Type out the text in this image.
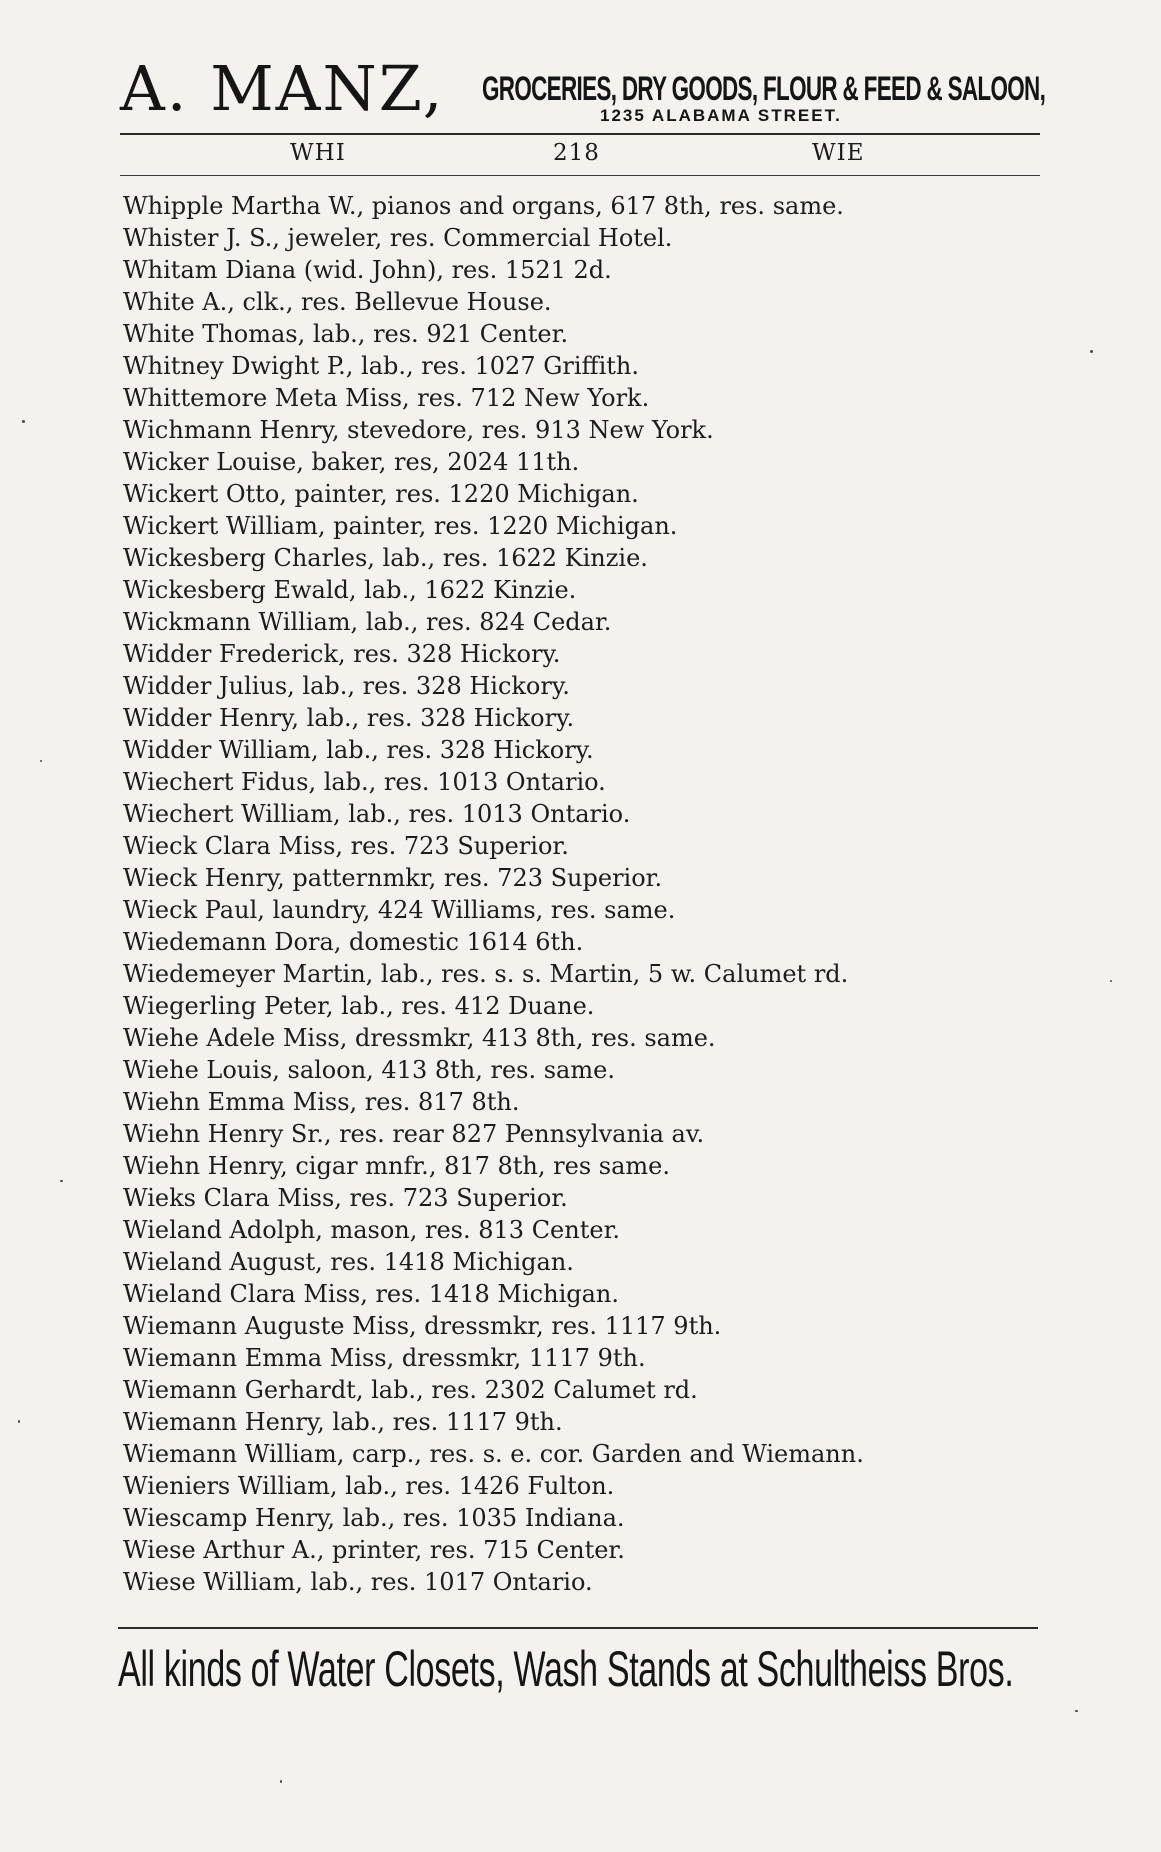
A. MANZ, GROCERIES, DRY GOODS, FLOUR & FEED & SALOON,
1235 ALABAMA STREET.
WHI	218	WIE
Whipple Martha W., pianos and organs, 617 8th, res. same.
Whister J. S., jeweler, res. Commercial Hotel.
Whitam Diana (wid. John), res. 1521 2d.
White A., clk., res. Bellevue House.
White Thomas, lab., res. 921 Center.
Whitney Dwight P., lab., res. 1027 Griffith.
Whittemore Meta Miss, res. 712 New York.
Wichmann Henry, stevedore, res. 913 New York.
Wicker Louise, baker, res, 2024 11th.
Wickert Otto, painter, res. 1220 Michigan.
Wickert William, painter, res. 1220 Michigan.
Wickesberg Charles, lab., res. 1622 Kinzie.
Wickesberg Ewald, lab., 1622 Kinzie.
Wickmann William, lab., res. 824 Cedar.
Widder Frederick, res. 328 Hickory.
Widder Julius, lab., res. 328 Hickory.
Widder Henry, lab., res. 328 Hickory.
Widder William, lab., res. 328 Hickory.
Wiechert Fidus, lab., res. 1013 Ontario.
Wiechert William, lab., res. 1013 Ontario.
Wieck Clara Miss, res. 723 Superior.
Wieck Henry, patternmkr, res. 723 Superior.
Wieck Paul, laundry, 424 Williams, res. same.
Wiedemann Dora, domestic 1614 6th.
Wiedemeyer Martin, lab., res. s. s. Martin, 5 w. Calumet rd.
Wiegerling Peter, lab., res. 412 Duane.
Wiehe Adele Miss, dressmkr, 413 8th, res. same.
Wiehe Louis, saloon, 413 8th, res. same.
Wiehn Emma Miss, res. 817 8th.
Wiehn Henry Sr., res. rear 827 Pennsylvania av.
Wiehn Henry, cigar mnfr., 817 8th, res same.
Wieks Clara Miss, res. 723 Superior.
Wieland Adolph, mason, res. 813 Center.
Wieland August, res. 1418 Michigan.
Wieland Clara Miss, res. 1418 Michigan.
Wiemann Auguste Miss, dressmkr, res. 1117 9th.
Wiemann Emma Miss, dressmkr, 1117 9th.
Wiemann Gerhardt, lab., res. 2302 Calumet rd.
Wiemann Henry, lab., res. 1117 9th.
Wiemann William, carp., res. s. e. cor. Garden and Wiemann.
Wieniers William, lab., res. 1426 Fulton.
Wiescamp Henry, lab., res. 1035 Indiana.
Wiese Arthur A., printer, res. 715 Center.
Wiese William, lab., res. 1017 Ontario.
All kinds of Water Closets, Wash Stands at Schultheiss Bros.
